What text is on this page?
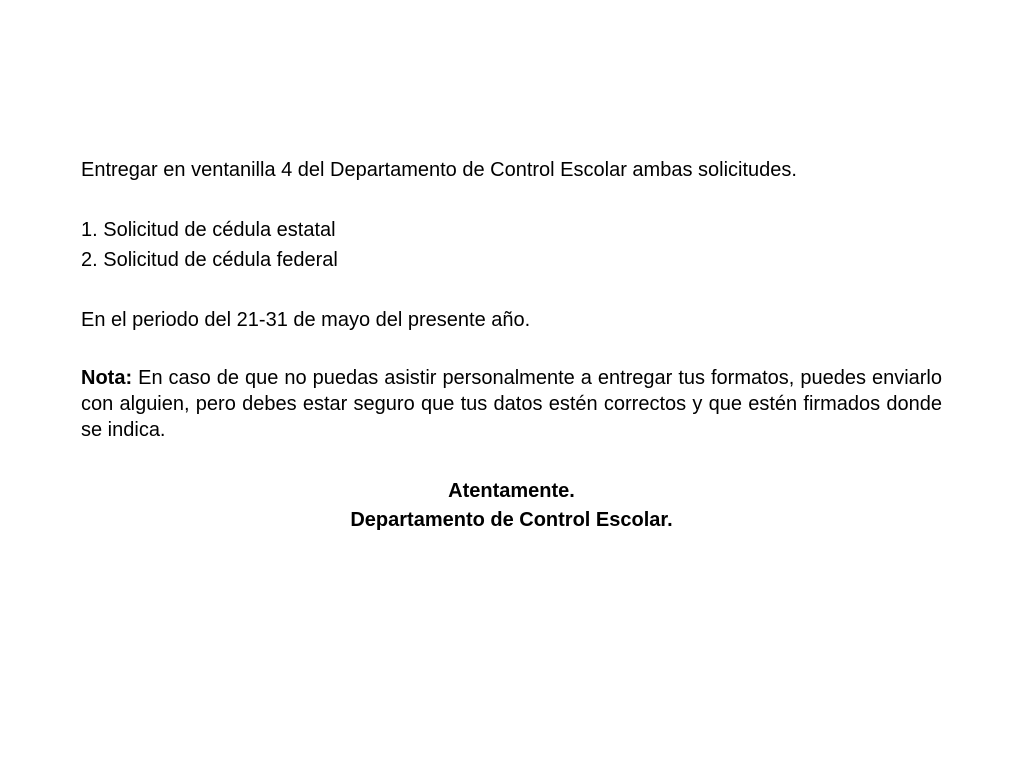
Entregar en ventanilla 4 del Departamento de Control Escolar ambas solicitudes.

1. Solicitud de cédula estatal

2. Solicitud de cédula federal

En el periodo del 21-31 de mayo del presente año.

Nota: En caso de que no puedas asistir personalmente a entregar tus formatos, puedes enviarlo con alguien, pero debes estar seguro que tus datos estén correctos y que estén firmados donde se indica.

Atentamente.
Departamento de Control Escolar.
